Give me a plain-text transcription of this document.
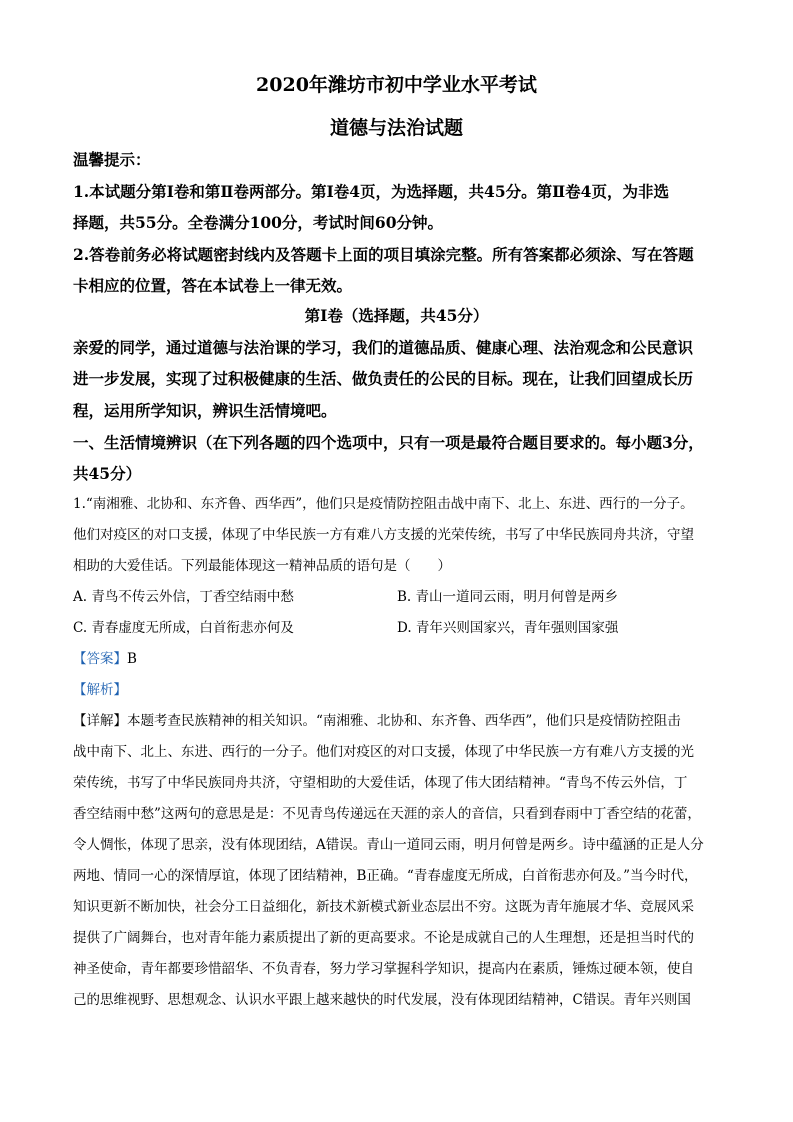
2020年潍坊市初中学业水平考试
道德与法治试题
温馨提示：
1.本试题分第Ⅰ卷和第Ⅱ卷两部分。第Ⅰ卷4页，为选择题，共45分。第Ⅱ卷4页，为非选
择题，共55分。全卷满分100分，考试时间60分钟。
2.答卷前务必将试题密封线内及答题卡上面的项目填涂完整。所有答案都必须涂、写在答题
卡相应的位置，答在本试卷上一律无效。
第Ⅰ卷（选择题，共45分）
亲爱的同学，通过道德与法治课的学习，我们的道德品质、健康心理、法治观念和公民意识
进一步发展，实现了过积极健康的生活、做负责任的公民的目标。现在，让我们回望成长历
程，运用所学知识，辨识生活情境吧。
一、生活情境辨识（在下列各题的四个选项中，只有一项是最符合题目要求的。每小题3分，
共45分）
1.“南湘雅、北协和、东齐鲁、西华西”，他们只是疫情防控阻击战中南下、北上、东进、西行的一分子。
他们对疫区的对口支援，体现了中华民族一方有难八方支援的光荣传统，书写了中华民族同舟共济，守望
相助的大爱佳话。下列最能体现这一精神品质的语句是（　　）
A. 青鸟不传云外信，丁香空结雨中愁	B. 青山一道同云雨，明月何曾是两乡
C. 青春虚度无所成，白首衔悲亦何及	D. 青年兴则国家兴，青年强则国家强
【答案】B
【解析】
【详解】本题考查民族精神的相关知识。“南湘雅、北协和、东齐鲁、西华西”，他们只是疫情防控阻击
战中南下、北上、东进、西行的一分子。他们对疫区的对口支援，体现了中华民族一方有难八方支援的光
荣传统，书写了中华民族同舟共济，守望相助的大爱佳话，体现了伟大团结精神。“青鸟不传云外信，丁
香空结雨中愁”这两句的意思是是：不见青鸟传递远在天涯的亲人的音信，只看到春雨中丁香空结的花蕾，
令人惆怅，体现了思亲，没有体现团结，A错误。青山一道同云雨，明月何曾是两乡。诗中蕴涵的正是人分
两地、情同一心的深情厚谊，体现了团结精神，B正确。“青春虚度无所成，白首衔悲亦何及。”当今时代，
知识更新不断加快，社会分工日益细化，新技术新模式新业态层出不穷。这既为青年施展才华、竞展风采
提供了广阔舞台，也对青年能力素质提出了新的更高要求。不论是成就自己的人生理想，还是担当时代的
神圣使命，青年都要珍惜韶华、不负青春，努力学习掌握科学知识，提高内在素质，锤炼过硬本领，使自
己的思维视野、思想观念、认识水平跟上越来越快的时代发展，没有体现团结精神，C错误。青年兴则国
